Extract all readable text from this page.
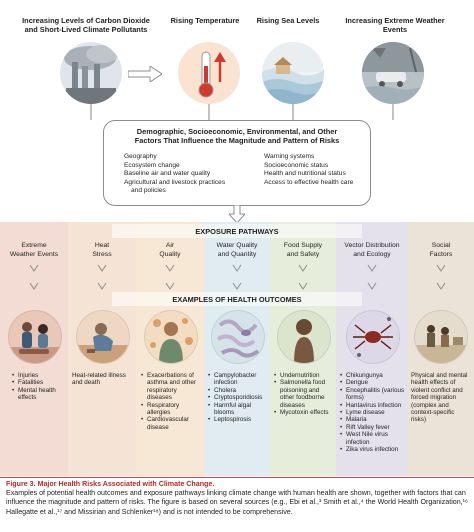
Increasing Levels of Carbon Dioxide and Short-Lived Climate Pollutants
Rising Temperature	Rising Sea Levels	Increasing Extreme Weather Events
Demographic, Socioeconomic, Environmental, and Other
Factors That Influence the Magnitude and Pattern of Risks
Geography
Ecosystem change
Baseline air and water quality
Agricultural and livestock practices
and policies
Warning systems
Socioeconomic status
Health and nutritional status
Access to effective health care
EXPOSURE PATHWAYS
Extreme
Weather Events
Heat
Stress
Air
Quality
Water Quality
and Quantity
Food Supply
and Safety
Vector Distribution
and Ecology
Social
Factors
EXAMPLES OF HEALTH OUTCOMES
• Injuries
• Fatalities
• Mental health effects
Heat-related illness and death
• Exacerbations of asthma and other respiratory diseases
• Respiratory allergies
• Cardiovascular disease
• Campylobacter infection
• Cholera
• Cryptosporidiosis
• Harmful algal blooms
• Leptospirosis
• Undernutrition
• Salmonella food poisoning and other foodborne diseases
• Mycotoxin effects
• Chikungunya
• Dengue
• Encephalitis (various forms)
• Hantavirus infection
• Lyme disease
• Malaria
• Rift Valley fever
• West Nile virus infection
• Zika virus infection
Physical and mental health effects of violent conflict and forced migration (complex and context-specific risks)
Figure 3. Major Health Risks Associated with Climate Change.
Examples of potential health outcomes and exposure pathways linking climate change with human health are shown, together with factors that can influence the magnitude and pattern of risks. The figure is based on several sources (e.g., Ebi et al.,³ Smith et al.,⁴ the World Health Organization,¹⁶ Hallegatte et al.,¹⁷ and Missirian and Schlenker¹⁸) and is not intended to be comprehensive.
